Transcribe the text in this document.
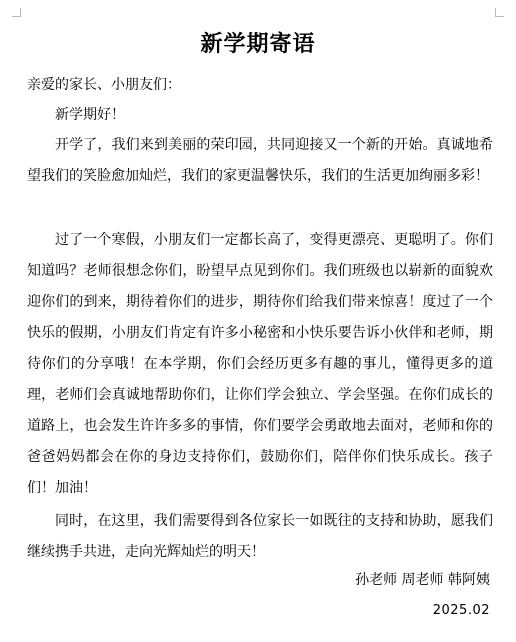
新学期寄语

亲爱的家长、小朋友们：

新学期好！

开学了，我们来到美丽的荣印园，共同迎接又一个新的开始。真诚地希望我们的笑脸愈加灿烂，我们的家更温馨快乐，我们的生活更加绚丽多彩！

过了一个寒假，小朋友们一定都长高了，变得更漂亮、更聪明了。你们知道吗？老师很想念你们，盼望早点见到你们。我们班级也以崭新的面貌欢迎你们的到来，期待着你们的进步，期待你们给我们带来惊喜！度过了一个快乐的假期，小朋友们肯定有许多小秘密和小快乐要告诉小伙伴和老师，期待你们的分享哦！在本学期，你们会经历更多有趣的事儿，懂得更多的道理，老师们会真诚地帮助你们，让你们学会独立、学会坚强。在你们成长的道路上，也会发生许许多多的事情，你们要学会勇敢地去面对，老师和你的爸爸妈妈都会在你的身边支持你们，鼓励你们，陪伴你们快乐成长。孩子们！加油！

同时，在这里，我们需要得到各位家长一如既往的支持和协助，愿我们继续携手共进，走向光辉灿烂的明天！

孙老师 周老师 韩阿姨
2025.02
